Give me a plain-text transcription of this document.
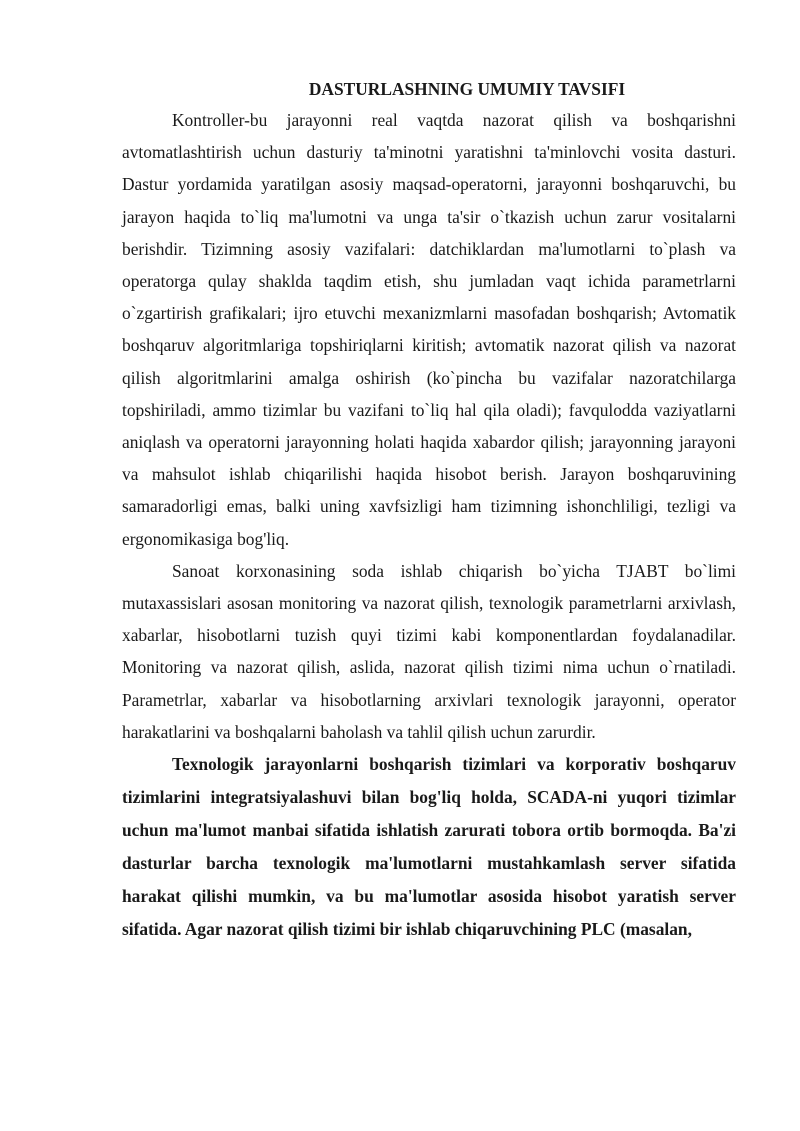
DASTURLASHNING UMUMIY TAVSIFI

Kontroller-bu jarayonni real vaqtda nazorat qilish va boshqarishni avtomatlashtirish uchun dasturiy ta'minotni yaratishni ta'minlovchi vosita dasturi. Dastur yordamida yaratilgan asosiy maqsad-operatorni, jarayonni boshqaruvchi, bu jarayon haqida to`liq ma'lumotni va unga ta'sir o`tkazish uchun zarur vositalarni berishdir. Tizimning asosiy vazifalari: datchiklardan ma'lumotlarni to`plash va operatorga qulay shaklda taqdim etish, shu jumladan vaqt ichida parametrlarni o`zgartirish grafikalari; ijro etuvchi mexanizmlarni masofadan boshqarish; Avtomatik boshqaruv algoritmlariga topshiriqlarni kiritish; avtomatik nazorat qilish va nazorat qilish algoritmlarini amalga oshirish (ko`pincha bu vazifalar nazoratchilarga topshiriladi, ammo tizimlar bu vazifani to`liq hal qila oladi); favqulodda vaziyatlarni aniqlash va operatorni jarayonning holati haqida xabardor qilish; jarayonning jarayoni va mahsulot ishlab chiqarilishi haqida hisobot berish. Jarayon boshqaruvining samaradorligi emas, balki uning xavfsizligi ham tizimning ishonchliligi, tezligi va ergonomikasiga bog'liq.

Sanoat korxonasining soda ishlab chiqarish bo`yicha TJABT bo`limi mutaxassislari asosan monitoring va nazorat qilish, texnologik parametrlarni arxivlash, xabarlar, hisobotlarni tuzish quyi tizimi kabi komponentlardan foydalanadilar. Monitoring va nazorat qilish, aslida, nazorat qilish tizimi nima uchun o`rnatiladi. Parametrlar, xabarlar va hisobotlarning arxivlari texnologik jarayonni, operator harakatlarini va boshqalarni baholash va tahlil qilish uchun zarurdir.

Texnologik jarayonlarni boshqarish tizimlari va korporativ boshqaruv tizimlarini integratsiyalashuvi bilan bog'liq holda, SCADA-ni yuqori tizimlar uchun ma'lumot manbai sifatida ishlatish zarurati tobora ortib bormoqda. Ba'zi dasturlar barcha texnologik ma'lumotlarni mustahkamlash server sifatida harakat qilishi mumkin, va bu ma'lumotlar asosida hisobot yaratish server sifatida. Agar nazorat qilish tizimi bir ishlab chiqaruvchining PLC (masalan,
